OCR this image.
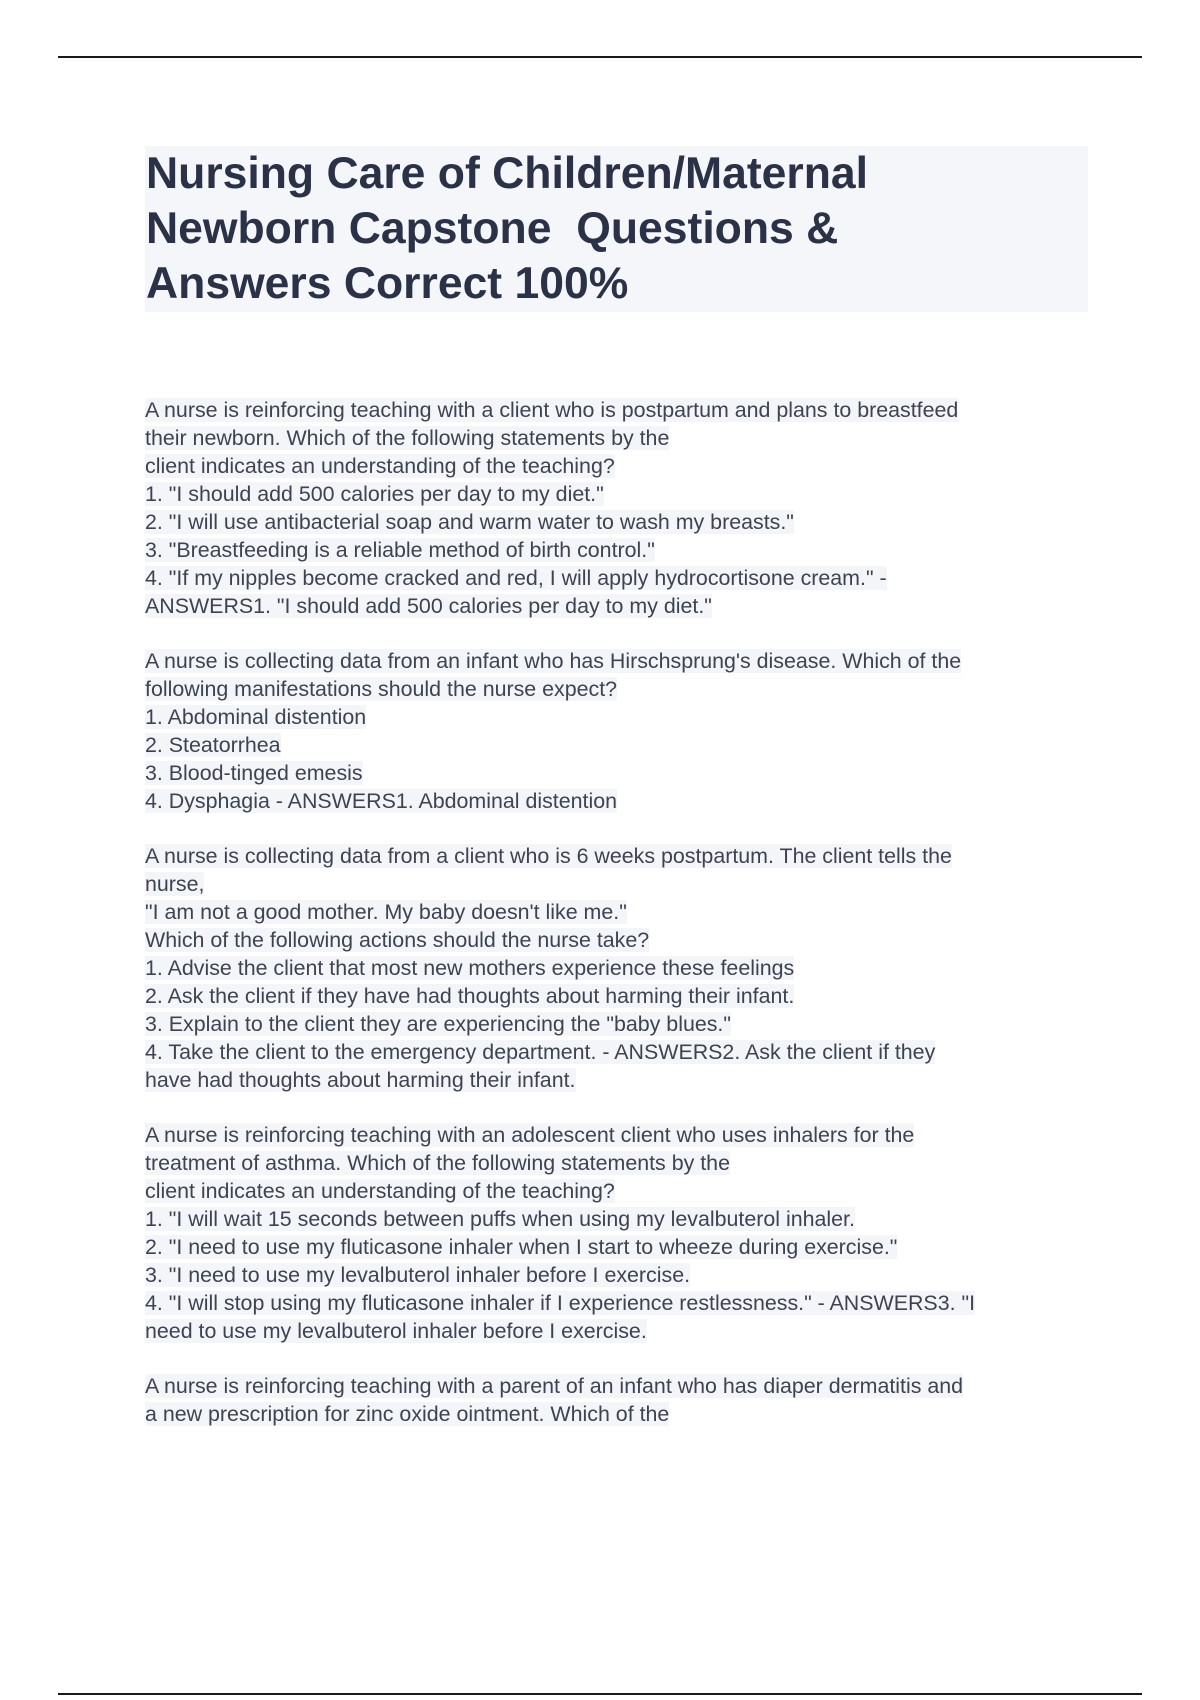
Nursing Care of Children/Maternal
Newborn Capstone  Questions &
Answers Correct 100%
A nurse is reinforcing teaching with a client who is postpartum and plans to breastfeed
their newborn. Which of the following statements by the
client indicates an understanding of the teaching?
1. "I should add 500 calories per day to my diet."
2. "I will use antibacterial soap and warm water to wash my breasts."
3. "Breastfeeding is a reliable method of birth control."
4. "If my nipples become cracked and red, I will apply hydrocortisone cream." -
ANSWERS1. "I should add 500 calories per day to my diet."
A nurse is collecting data from an infant who has Hirschsprung's disease. Which of the
following manifestations should the nurse expect?
1. Abdominal distention
2. Steatorrhea
3. Blood-tinged emesis
4. Dysphagia - ANSWERS1. Abdominal distention
A nurse is collecting data from a client who is 6 weeks postpartum. The client tells the
nurse,
"I am not a good mother. My baby doesn't like me."
Which of the following actions should the nurse take?
1. Advise the client that most new mothers experience these feelings
2. Ask the client if they have had thoughts about harming their infant.
3. Explain to the client they are experiencing the "baby blues."
4. Take the client to the emergency department. - ANSWERS2. Ask the client if they
have had thoughts about harming their infant.
A nurse is reinforcing teaching with an adolescent client who uses inhalers for the
treatment of asthma. Which of the following statements by the
client indicates an understanding of the teaching?
1. "I will wait 15 seconds between puffs when using my levalbuterol inhaler.
2. "I need to use my fluticasone inhaler when I start to wheeze during exercise."
3. "I need to use my levalbuterol inhaler before I exercise.
4. "I will stop using my fluticasone inhaler if I experience restlessness." - ANSWERS3. "I
need to use my levalbuterol inhaler before I exercise.
A nurse is reinforcing teaching with a parent of an infant who has diaper dermatitis and
a new prescription for zinc oxide ointment. Which of the
